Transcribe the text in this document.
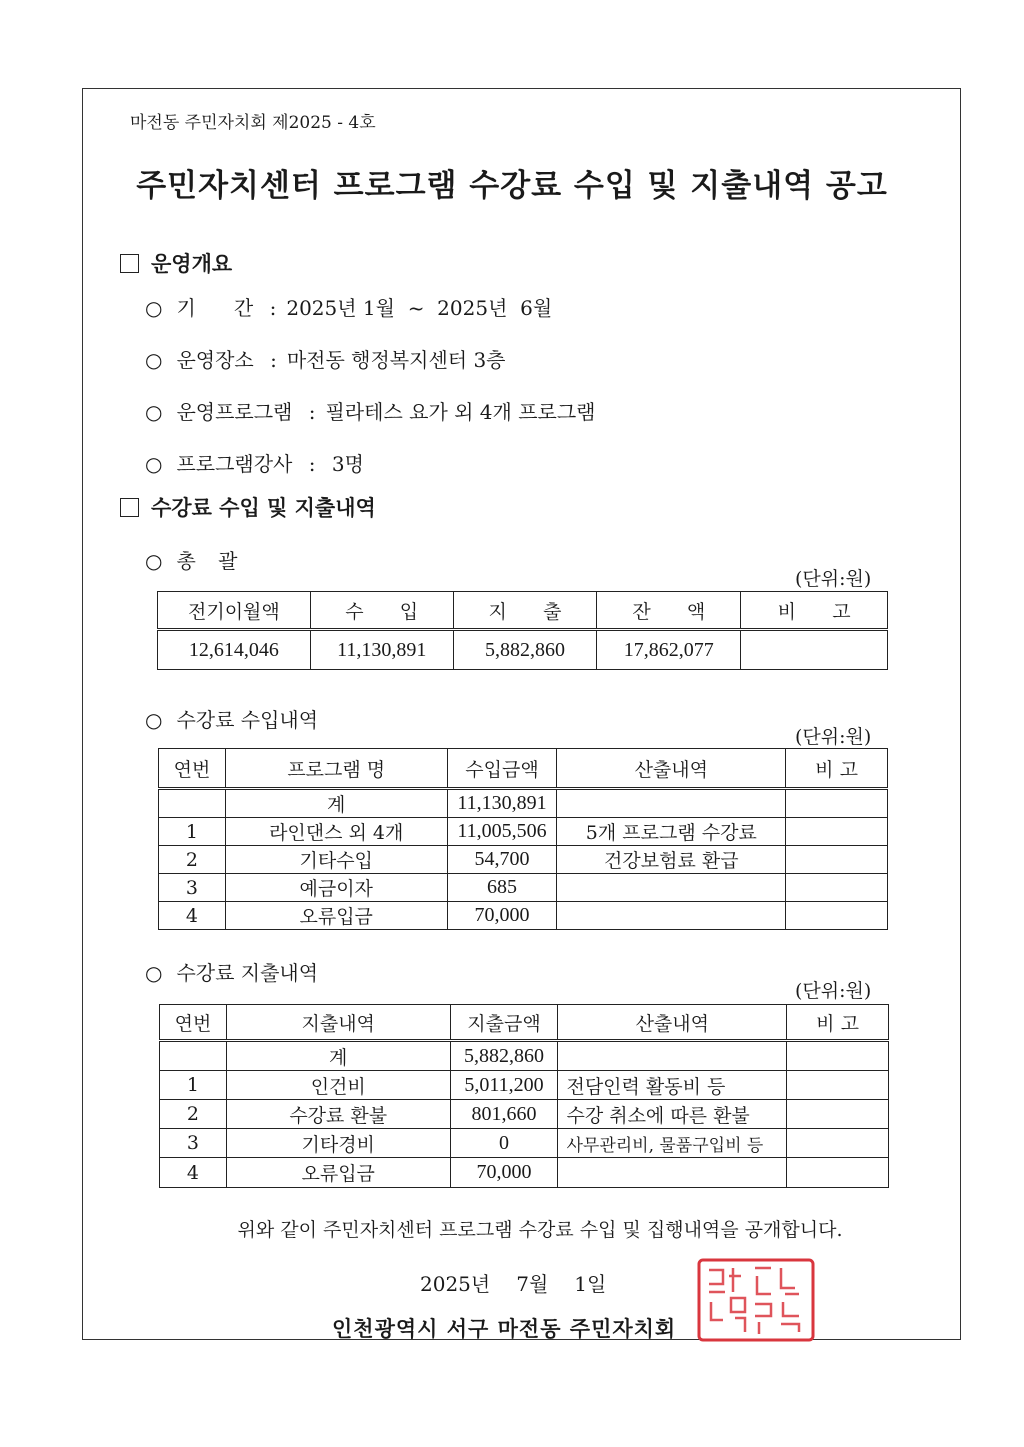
마전동 주민자치회 제2025 - 4호
주민자치센터 프로그램 수강료 수입 및 지출내역 공고
운영개요
○ 기      간 : 2025년 1월  ~  2025년  6월
○ 운영장소 : 마전동 행정복지센터 3층
○ 운영프로그램 : 필라테스 요가 외 4개 프로그램
○ 프로그램강사 : 3명
수강료 수입 및 지출내역
○ 총 괄
(단위:원)
전기이월액	수      입	지      출	잔      액	비      고
12,614,046	11,130,891	5,882,860	17,862,077	
○ 수강료 수입내역
(단위:원)
연번	프로그램 명	수입금액	산출내역	비 고
	계	11,130,891		
1	라인댄스 외 4개	11,005,506	5개 프로그램 수강료	
2	기타수입	54,700	건강보험료 환급	
3	예금이자	685		
4	오류입금	70,000		
○ 수강료 지출내역
(단위:원)
연번	지출내역	지출금액	산출내역	비 고
	계	5,882,860		
1	인건비	5,011,200	전담인력 활동비 등	
2	수강료 환불	801,660	수강 취소에 따른 환불	
3	기타경비	0	사무관리비, 물품구입비 등	
4	오류입금	70,000		
위와 같이 주민자치센터 프로그램 수강료 수입 및 집행내역을 공개합니다.
2025년 7월 1일
인천광역시 서구 마전동 주민자치회
